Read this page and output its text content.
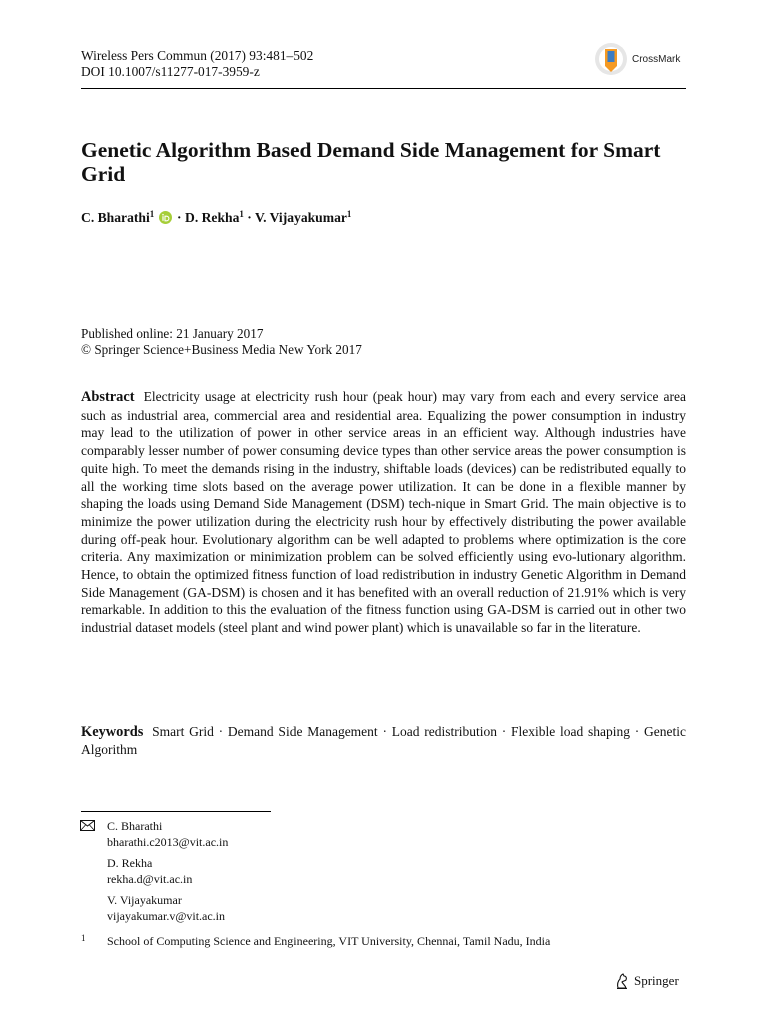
Wireless Pers Commun (2017) 93:481–502
DOI 10.1007/s11277-017-3959-z
CrossMark
Genetic Algorithm Based Demand Side Management for Smart Grid
C. Bharathi$^1$ · D. Rekha$^1$ · V. Vijayakumar$^1$
Published online: 21 January 2017
© Springer Science+Business Media New York 2017

Abstract Electricity usage at electricity rush hour (peak hour) may vary from each and every service area such as industrial area, commercial area and residential area. Equalizing the power consumption in industry may lead to the utilization of power in other service areas in an efficient way. Although industries have comparably lesser number of power consuming device types than other service areas the power consumption is quite high. To meet the demands rising in the industry, shiftable loads (devices) can be redistributed equally to all the working time slots based on the average power utilization. It can be done in a flexible manner by shaping the loads using Demand Side Management (DSM) tech-nique in Smart Grid. The main objective is to minimize the power utilization during the electricity rush hour by effectively distributing the power available during off-peak hour. Evolutionary algorithm can be well adapted to problems where optimization is the core criteria. Any maximization or minimization problem can be solved efficiently using evo-lutionary algorithm. Hence, to obtain the optimized fitness function of load redistribution in industry Genetic Algorithm in Demand Side Management (GA-DSM) is chosen and it has benefited with an overall reduction of 21.91% which is very remarkable. In addition to this the evaluation of the fitness function using GA-DSM is carried out in other two industrial dataset models (steel plant and wind power plant) which is unavailable so far in the literature.

Keywords Smart Grid · Demand Side Management · Load redistribution · Flexible load shaping · Genetic Algorithm

C. Bharathi
bharathi.c2013@vit.ac.in
D. Rekha
rekha.d@vit.ac.in
V. Vijayakumar
vijayakumar.v@vit.ac.in
1 School of Computing Science and Engineering, VIT University, Chennai, Tamil Nadu, India
Springer
